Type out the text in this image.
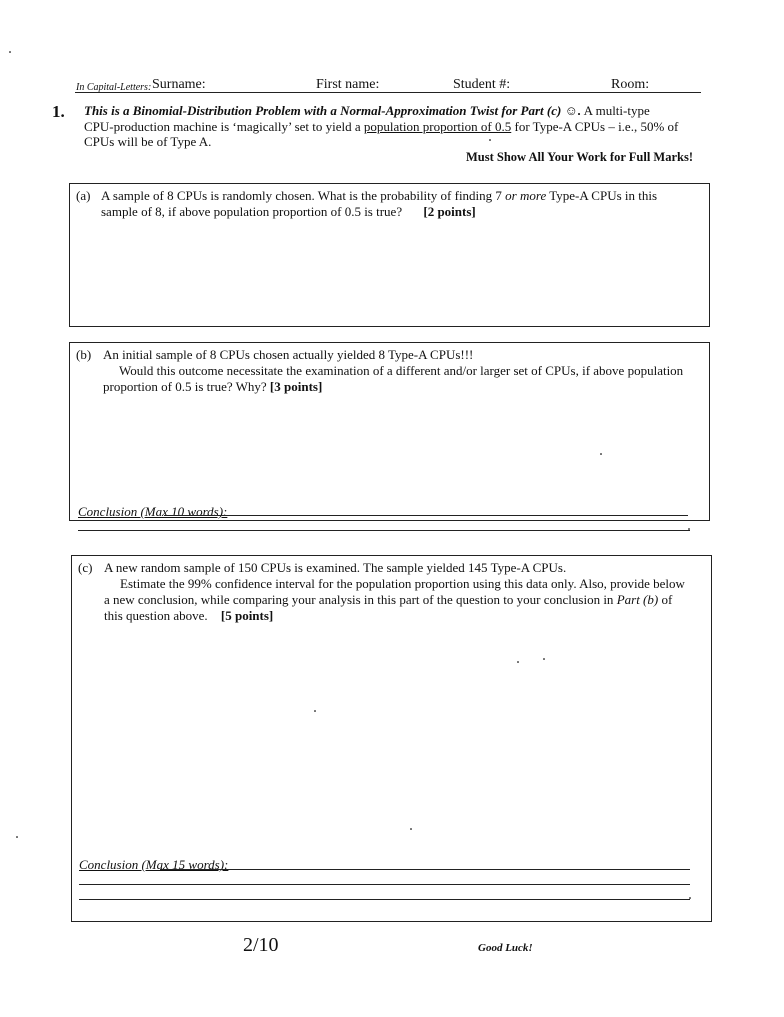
In Capital-Letters: Surname:	First name:	Student #:	Room:
1. This is a Binomial-Distribution Problem with a Normal-Approximation Twist for Part (c) ☺. A multi-type
CPU-production machine is ‘magically’ set to yield a population proportion of 0.5 for Type-A CPUs – i.e., 50% of
CPUs will be of Type A.
Must Show All Your Work for Full Marks!
(a) A sample of 8 CPUs is randomly chosen. What is the probability of finding 7 or more Type-A CPUs in this
sample of 8, if above population proportion of 0.5 is true? [2 points]
(b) An initial sample of 8 CPUs chosen actually yielded 8 Type-A CPUs!!!
Would this outcome necessitate the examination of a different and/or larger set of CPUs, if above population
proportion of 0.5 is true? Why? [3 points]
Conclusion (Max 10 words):
(c) A new random sample of 150 CPUs is examined. The sample yielded 145 Type-A CPUs.
Estimate the 99% confidence interval for the population proportion using this data only. Also, provide below
a new conclusion, while comparing your analysis in this part of the question to your conclusion in Part (b) of
this question above. [5 points]
Conclusion (Max 15 words):
2/10	Good Luck!
